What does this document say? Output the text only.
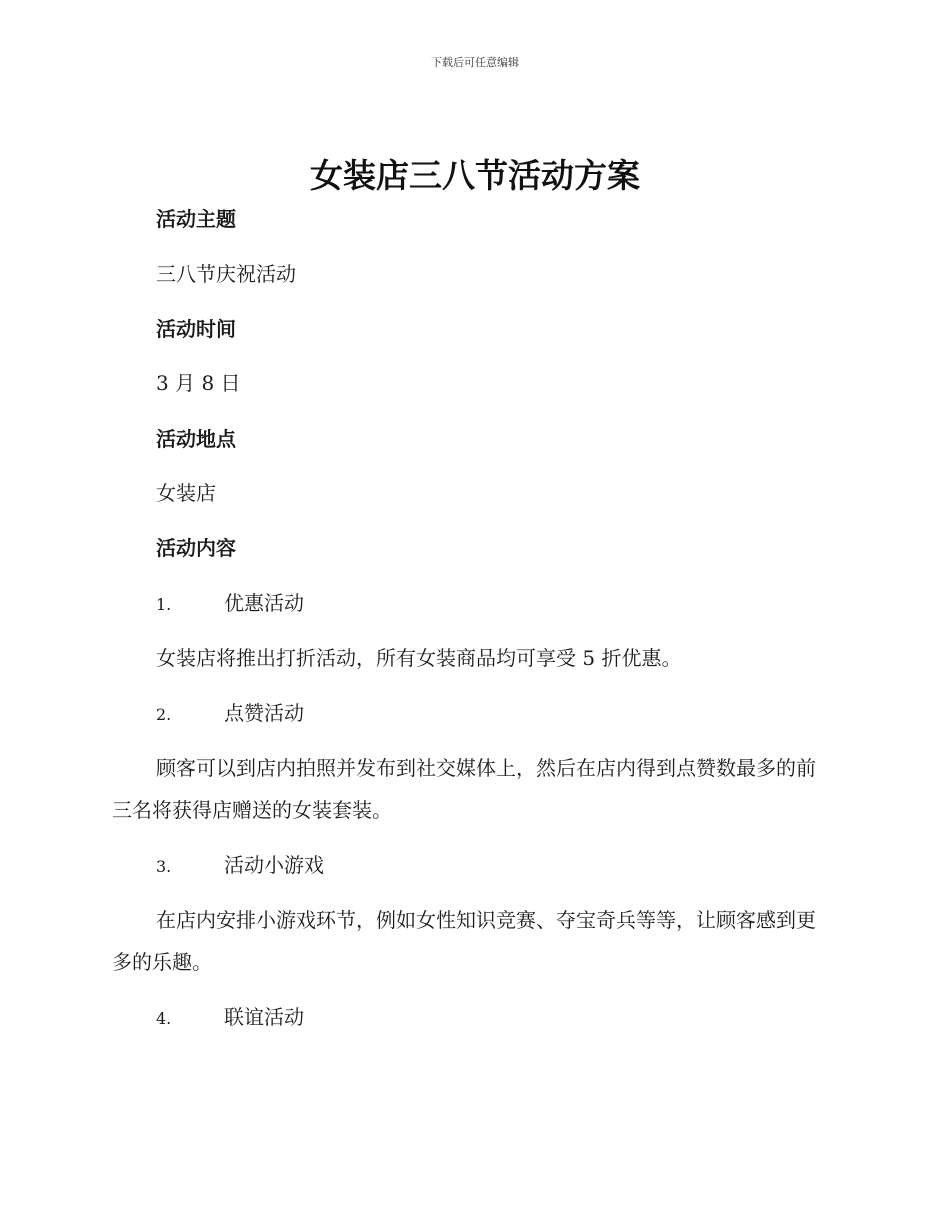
下载后可任意编辑
女装店三八节活动方案
活动主题
三八节庆祝活动
活动时间
3 月 8 日
活动地点
女装店
活动内容
1.	优惠活动
女装店将推出打折活动，所有女装商品均可享受 5 折优惠。
2.	点赞活动
顾客可以到店内拍照并发布到社交媒体上，然后在店内得到点赞数最多的前三名将获得店赠送的女装套装。
3.	活动小游戏
在店内安排小游戏环节，例如女性知识竞赛、夺宝奇兵等等，让顾客感到更多的乐趣。
4.	联谊活动
